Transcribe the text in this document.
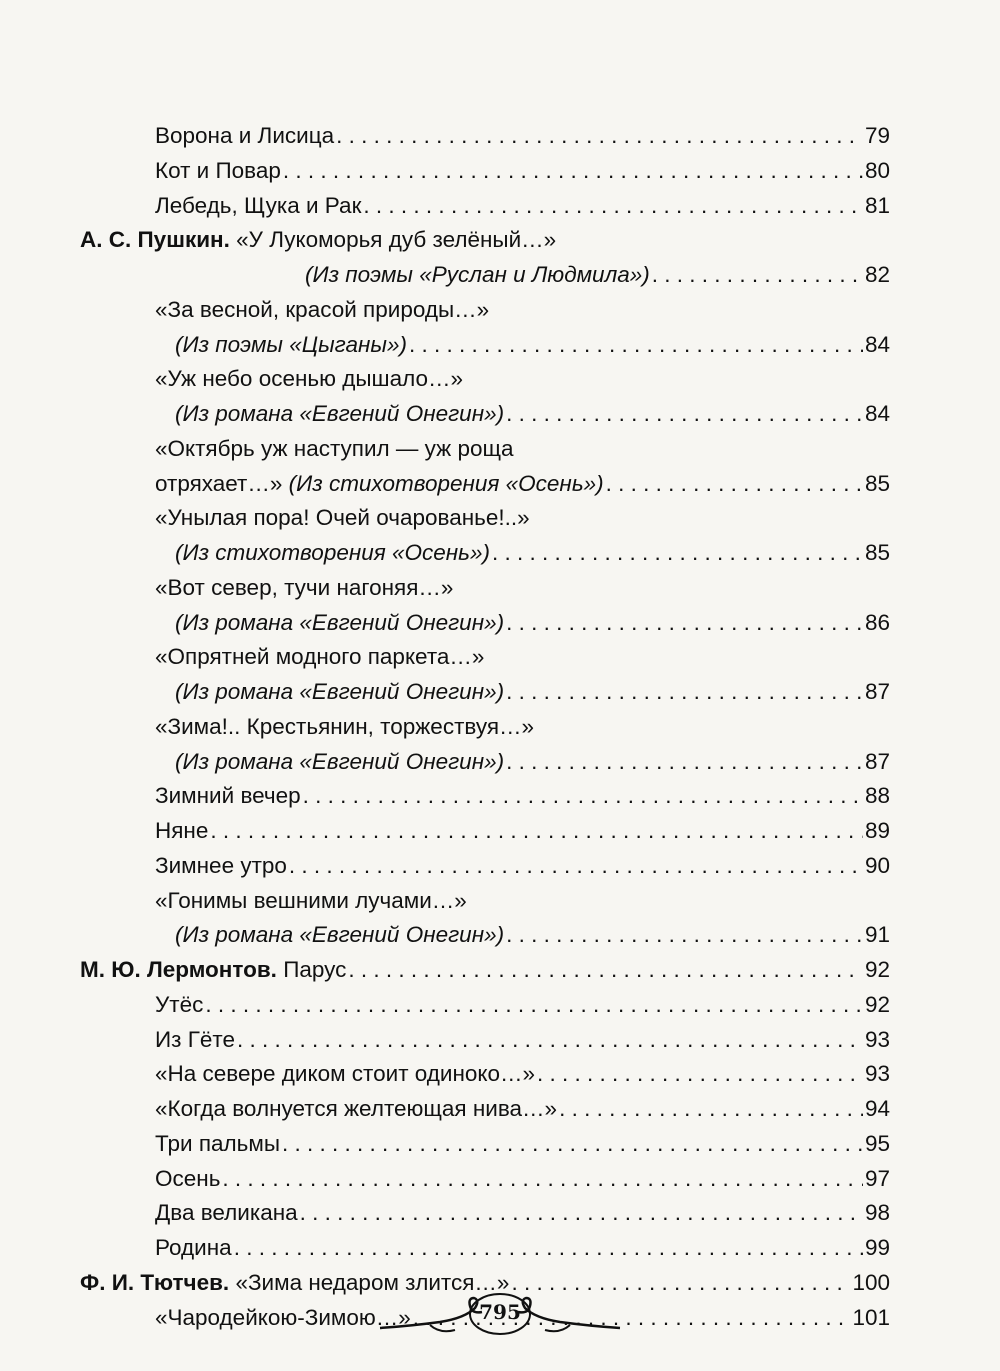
Ворона и Лисица . . .	79
Кот и Повар . . .	80
Лебедь, Щука и Рак . . .	81
А. С. Пушкин. «У Лукоморья дуб зелёный…»
(Из поэмы «Руслан и Людмила») . . .	82
«За весной, красой природы…»
(Из поэмы «Цыганы») . . .	84
«Уж небо осенью дышало…»
(Из романа «Евгений Онегин») . . .	84
«Октябрь уж наступил — уж роща
отряхает…»
(Из стихотворения «Осень») . . .	85
«Унылая пора! Очей очарованье!..»
(Из стихотворения «Осень») . . .	85
«Вот север, тучи нагоняя…»
(Из романа «Евгений Онегин») . . .	86
«Опрятней модного паркета…»
(Из романа «Евгений Онегин») . . .	87
«Зима!.. Крестьянин, торжествуя…»
(Из романа «Евгений Онегин») . . .	87
Зимний вечер . . .	88
Няне . . .	89
Зимнее утро . . .	90
«Гонимы вешними лучами…»
(Из романа «Евгений Онегин») . . .	91
М. Ю. Лермонтов.
Парус . . .	92
Утёс . . .	92
Из Гёте . . .	93
«На севере диком стоит одиноко…» . . .	93
«Когда волнуется желтеющая нива…» . . .	94
Три пальмы . . .	95
Осень . . .	97
Два великана . . .	98
Родина . . .	99
Ф. И. Тютчев.
«Зима недаром злится…» . . .	100
«Чародейкою-Зимою…» . . .	101
795
